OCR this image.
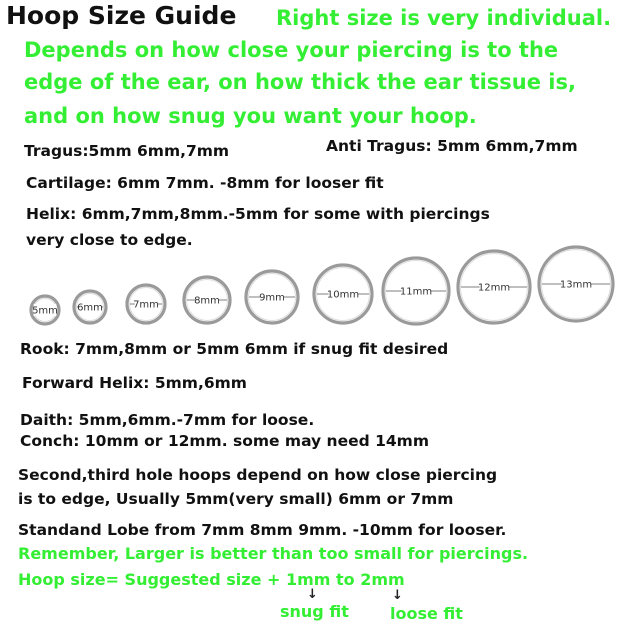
Hoop Size Guide Right size is very individual.
Depends on how close your piercing is to the
edge of the ear, on how thick the ear tissue is,
and on how snug you want your hoop.
Tragus:5mm 6mm,7mm	Anti Tragus: 5mm 6mm,7mm
Cartilage: 6mm 7mm. -8mm for looser fit
Helix: 6mm,7mm,8mm.-5mm for some with piercings
very close to edge.
5mm 6mm	7mm	8mm	9mm	10mm	11mm	12mm	13mm
Rook: 7mm,8mm or 5mm 6mm if snug fit desired
Forward Helix: 5mm,6mm
Daith: 5mm,6mm.-7mm for loose.
Conch: 10mm or 12mm. some may need 14mm
Second,third hole hoops depend on how close piercing
is to edge, Usually 5mm(very small) 6mm or 7mm
Standand Lobe from 7mm 8mm 9mm. -10mm for looser.
Remember, Larger is better than too small for piercings.
Hoop size= Suggested size + 1mm to 2mm
↓	↓
snug fit	loose fit
